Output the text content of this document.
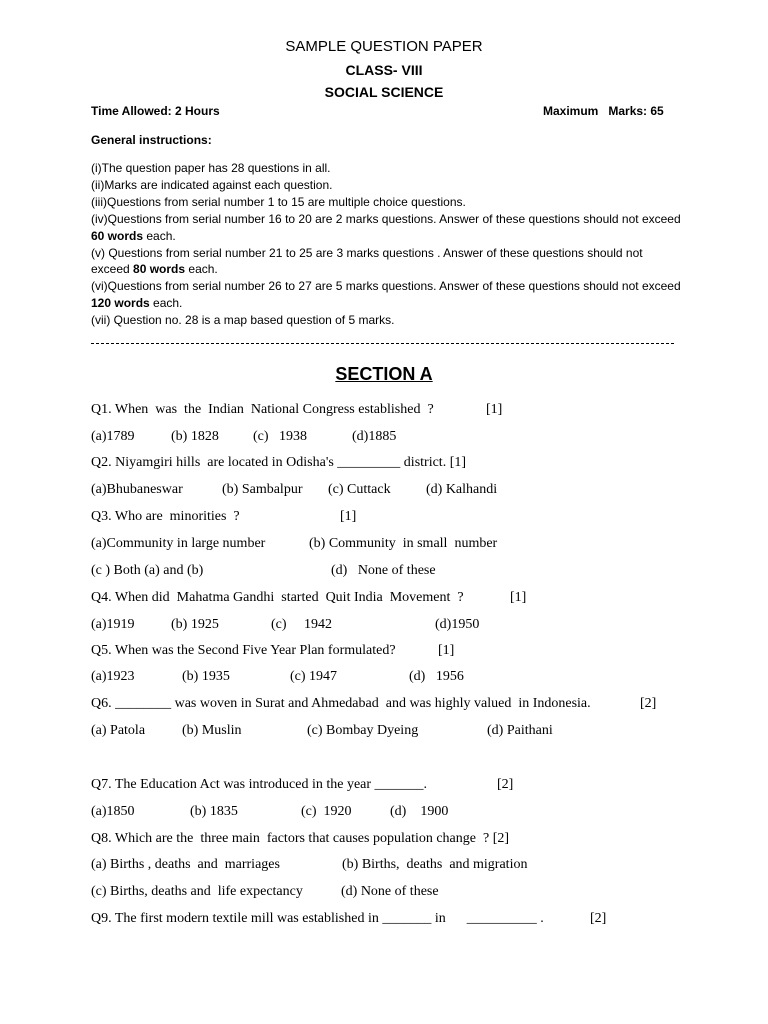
SAMPLE QUESTION PAPER
CLASS- VIII
SOCIAL SCIENCE
Time Allowed: 2 Hours	Maximum   Marks: 65
General instructions:
(i)The question paper has 28 questions in all.
(ii)Marks are indicated against each question.
(iii)Questions from serial number 1 to 15 are multiple choice questions.
(iv)Questions from serial number 16 to 20 are 2 marks questions. Answer of these questions should not exceed 60 words each.
(v) Questions from serial number 21 to 25 are 3 marks questions . Answer of these questions should not exceed 80 words each.
(vi)Questions from serial number 26 to 27 are 5 marks questions. Answer of these questions should not exceed 120 words each.
(vii) Question no. 28 is a map based question of 5 marks.
SECTION A
Q1. When  was  the  Indian  National Congress established  ?	[1]
(a)1789	(b) 1828 (c)   1938	(d)1885
Q2. Niyamgiri hills  are located in Odisha's _________ district. [1]
(a)Bhubaneswar	(b) Sambalpur (c) Cuttack	(d) Kalhandi
Q3. Who are  minorities  ?	[1]
(a)Community in large number	(b) Community  in small  number
(c ) Both (a) and (b)	(d)   None of these
Q4. When did  Mahatma Gandhi  started  Quit India  Movement  ?	[1]
(a)1919	(b) 1925	(c)     1942	(d)1950
Q5. When was the Second Five Year Plan formulated?	[1]
(a)1923	(b) 1935	(c) 1947	(d)   1956
Q6. ________ was woven in Surat and Ahmedabad  and was highly valued  in Indonesia.	[2]
(a) Patola	(b) Muslin	(c) Bombay Dyeing	(d) Paithani
Q7. The Education Act was introduced in the year _______.	[2]
(a)1850	(b) 1835	(c)  1920	(d)    1900
Q8. Which are the  three main  factors that causes population change  ? [2]
(a) Births , deaths  and  marriages	(b) Births,  deaths  and migration
(c) Births, deaths and  life expectancy	(d) None of these
Q9. The first modern textile mill was established in _______ in      __________ .	[2]
